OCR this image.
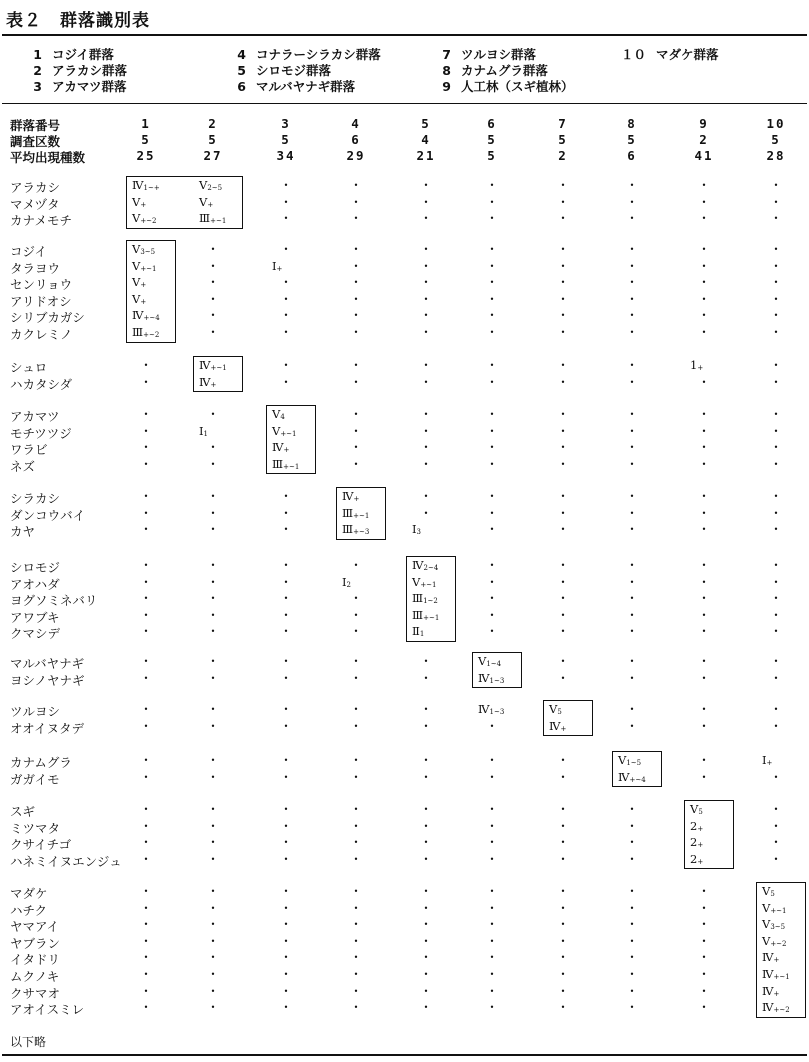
表２　群落識別表
1 コジイ群落
2 アラカシ群落
3 アカマツ群落
4 コナラーシラカシ群落
5 シロモジ群落
6 マルバヤナギ群落
7 ツルヨシ群落
8 カナムグラ群落
9 人工林（スギ植林）
１０ マダケ群落
群落番号	1	2	3	4	5	6	7	8	9	10
調査区数	5	5	5	6	4	5	5	5	2	5
平均出現種数	25	27	34	29	21	5	2	6	41	28
アラカシ	$Ⅳ_{1\sim+}$	$Ⅴ_{2\sim 5}$	•	•	•	•	•	•	•	•
マメヅタ	$Ⅴ_+$	$Ⅴ_+$	•	•	•	•	•	•	•	•
カナメモチ	$Ⅴ_{+\sim 2}$	$Ⅲ_{+\sim 1}$	•	•	•	•	•	•	•	•
コジイ	$Ⅴ_{3\sim 5}$	•	•	•	•	•	•	•	•	•
タラヨウ	$Ⅴ_{+\sim 1}$	•	$Ⅰ_+$	•	•	•	•	•	•	•
センリョウ	$Ⅴ_+$	•	•	•	•	•	•	•	•	•
アリドオシ	$Ⅴ_+$	•	•	•	•	•	•	•	•	•
シリブカガシ	$Ⅳ_{+\sim 4}$	•	•	•	•	•	•	•	•	•
カクレミノ	$Ⅲ_{+\sim 2}$	•	•	•	•	•	•	•	•	•
シュロ	•	$Ⅳ_{+\sim 1}$	•	•	•	•	•	•	$1_+$	•
ハカタシダ	•	$Ⅳ_+$	•	•	•	•	•	•	•	•
アカマツ	•	•	$Ⅴ_4$	•	•	•	•	•	•	•
モチツツジ	•	$Ⅰ_1$	$Ⅴ_{+\sim 1}$	•	•	•	•	•	•	•
ワラビ	•	•	$Ⅳ_+$	•	•	•	•	•	•	•
ネズ	•	•	$Ⅲ_{+\sim 1}$	•	•	•	•	•	•	•
シラカシ	•	•	•	$Ⅳ_+$	•	•	•	•	•	•
ダンコウバイ	•	•	•	$Ⅲ_{+\sim 1}$	•	•	•	•	•	•
カヤ	•	•	•	$Ⅲ_{+\sim 3}$	$Ⅰ_3$	•	•	•	•	•
シロモジ	•	•	•	•	$Ⅳ_{2\sim 4}$	•	•	•	•	•
アオハダ	•	•	•	$Ⅰ_2$	$Ⅴ_{+\sim 1}$	•	•	•	•	•
ヨグソミネバリ	•	•	•	•	$Ⅲ_{1\sim 2}$	•	•	•	•	•
アワブキ	•	•	•	•	$Ⅲ_{+\sim 1}$	•	•	•	•	•
クマシデ	•	•	•	•	$Ⅱ_1$	•	•	•	•	•
マルバヤナギ	•	•	•	•	•	$Ⅴ_{1\sim 4}$	•	•	•	•
ヨシノヤナギ	•	•	•	•	•	$Ⅳ_{1\sim 3}$	•	•	•	•
ツルヨシ	•	•	•	•	•	$Ⅳ_{1\sim 3}$	$Ⅴ_5$	•	•	•
オオイヌタデ	•	•	•	•	•	•	$Ⅳ_+$	•	•	•
カナムグラ	•	•	•	•	•	•	•	$Ⅴ_{1\sim 5}$	•	$Ⅰ_+$
ガガイモ	•	•	•	•	•	•	•	$Ⅳ_{+\sim 4}$	•	•
スギ	•	•	•	•	•	•	•	•	$Ⅴ_5$	•
ミツマタ	•	•	•	•	•	•	•	•	$2_+$	•
クサイチゴ	•	•	•	•	•	•	•	•	$2_+$	•
ハネミイヌエンジュ	•	•	•	•	•	•	•	•	$2_+$	•
マダケ	•	•	•	•	•	•	•	•	•	$Ⅴ_5$
ハチク	•	•	•	•	•	•	•	•	•	$Ⅴ_{+\sim 1}$
ヤマアイ	•	•	•	•	•	•	•	•	•	$Ⅴ_{3\sim 5}$
ヤブラン	•	•	•	•	•	•	•	•	•	$Ⅴ_{+\sim 2}$
イタドリ	•	•	•	•	•	•	•	•	•	$Ⅳ_+$
ムクノキ	•	•	•	•	•	•	•	•	•	$Ⅳ_{+\sim 1}$
クサマオ	•	•	•	•	•	•	•	•	•	$Ⅳ_+$
アオイスミレ	•	•	•	•	•	•	•	•	•	$Ⅳ_{+\sim 2}$
以下略
